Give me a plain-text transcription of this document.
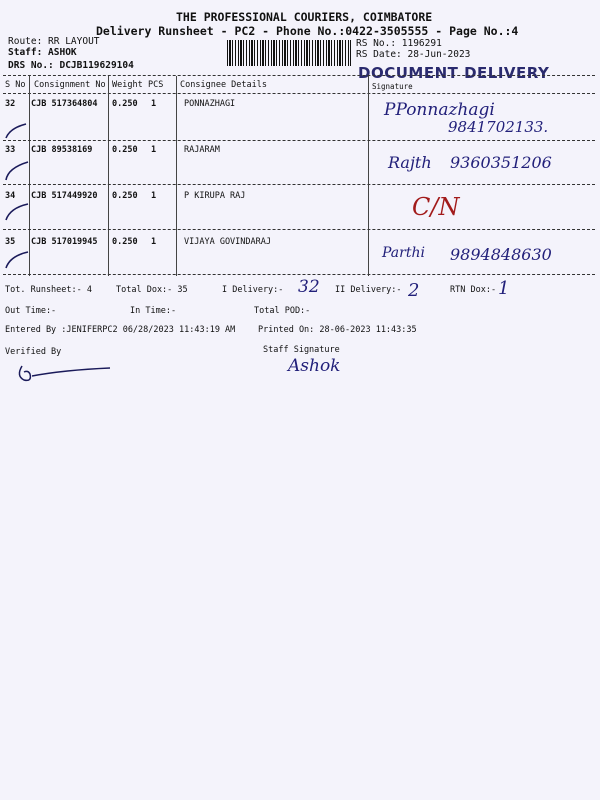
THE PROFESSIONAL COURIERS, COIMBATORE
Delivery Runsheet - PC2 - Phone No.:0422-3505555 - Page No.:4
Route: RR LAYOUT
Staff: ASHOK
DRS No.: DCJB119629104
RS No.: 1196291
RS Date: 28-Jun-2023
DOCUMENT DELIVERY
S No Consignment No Weight PCS Consignee Details	Signature
32 CJB 517364804 0.250 1	PONNAZHAGI	PPonnazhagi
9841702133.
33 CJB 89538169 0.250 1	RAJARAM
Rajth 9360351206
34 CJB 517449920 0.250 1	P KIRUPA RAJ	C/N
35 CJB 517019945 0.250 1	VIJAYA GOVINDARAJ
Parthi 9894848630
Tot. Runsheet:- 4	Total Dox:- 35	I Delivery:- 32 II Delivery:- 2	RTN Dox:- 1
Out Time:-	In Time:-	Total POD:-
Entered By :JENIFERPC2 06/28/2023 11:43:19 AM	Printed On: 28-06-2023 11:43:35
Verified By	Staff Signature
Ashok
